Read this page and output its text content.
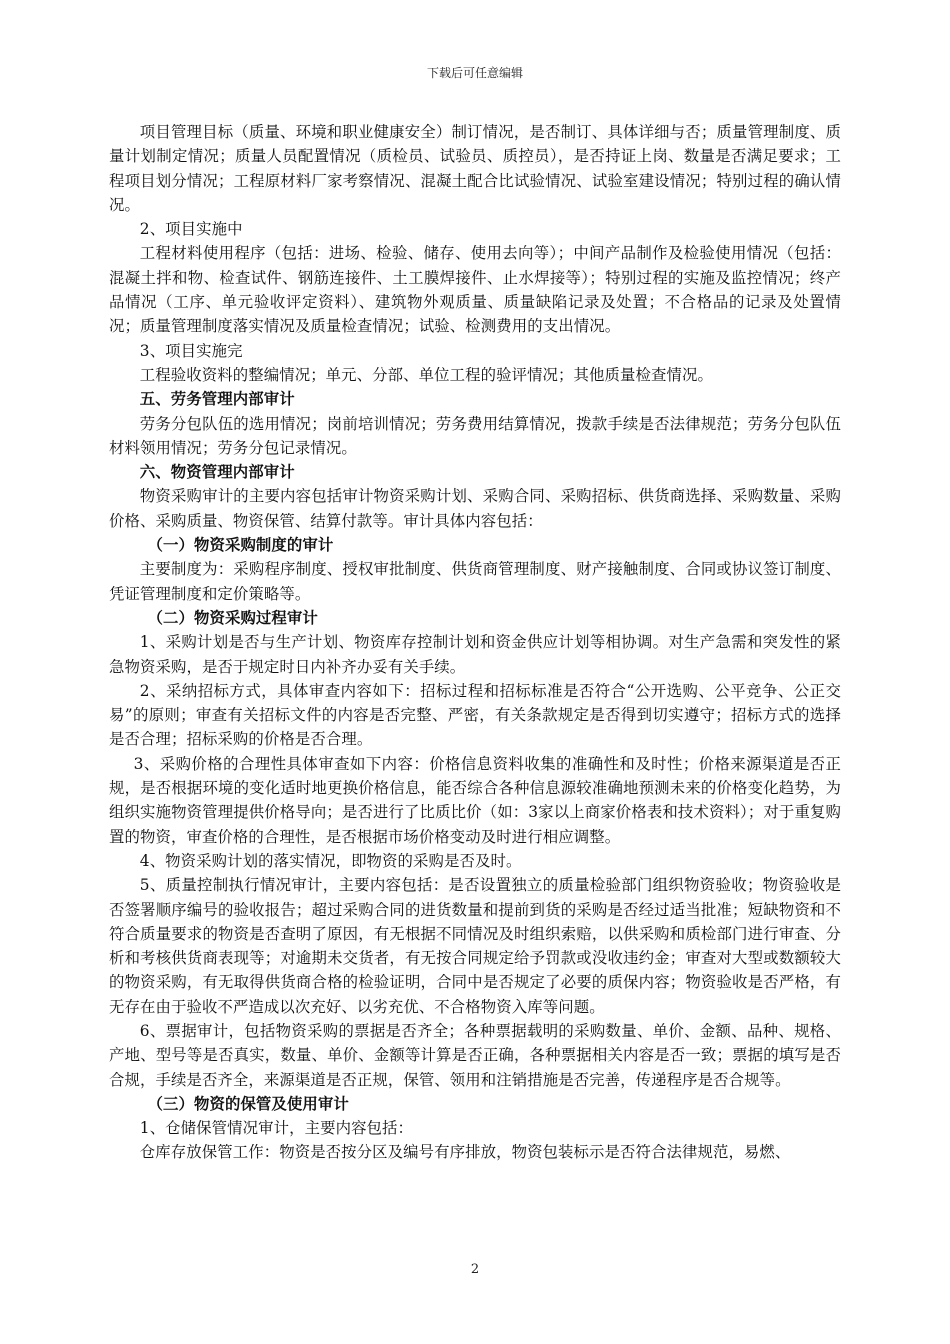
下载后可任意编辑

项目管理目标（质量、环境和职业健康安全）制订情况，是否制订、具体详细与否；质量管理制度、质量计划制定情况；质量人员配置情况（质检员、试验员、质控员），是否持证上岗、数量是否满足要求；工程项目划分情况；工程原材料厂家考察情况、混凝土配合比试验情况、试验室建设情况；特别过程的确认情况。

2、项目实施中

工程材料使用程序（包括：进场、检验、储存、使用去向等）；中间产品制作及检验使用情况（包括：混凝土拌和物、检查试件、钢筋连接件、土工膜焊接件、止水焊接等）；特别过程的实施及监控情况；终产品情况（工序、单元验收评定资料）、建筑物外观质量、质量缺陷记录及处置；不合格品的记录及处置情况；质量管理制度落实情况及质量检查情况；试验、检测费用的支出情况。

3、项目实施完

工程验收资料的整编情况；单元、分部、单位工程的验评情况；其他质量检查情况。

五、劳务管理内部审计

劳务分包队伍的选用情况；岗前培训情况；劳务费用结算情况，拨款手续是否法律规范；劳务分包队伍材料领用情况；劳务分包记录情况。

六、物资管理内部审计

物资采购审计的主要内容包括审计物资采购计划、采购合同、采购招标、供货商选择、采购数量、采购价格、采购质量、物资保管、结算付款等。审计具体内容包括：

（一）物资采购制度的审计

主要制度为：采购程序制度、授权审批制度、供货商管理制度、财产接触制度、合同或协议签订制度、凭证管理制度和定价策略等。

（二）物资采购过程审计

1、采购计划是否与生产计划、物资库存控制计划和资金供应计划等相协调。对生产急需和突发性的紧急物资采购，是否于规定时日内补齐办妥有关手续。

2、采纳招标方式，具体审查内容如下：招标过程和招标标准是否符合“公开选购、公平竞争、公正交易”的原则；审查有关招标文件的内容是否完整、严密，有关条款规定是否得到切实遵守；招标方式的选择是否合理；招标采购的价格是否合理。

3、采购价格的合理性具体审查如下内容：价格信息资料收集的准确性和及时性；价格来源渠道是否正规，是否根据环境的变化适时地更换价格信息，能否综合各种信息源较准确地预测未来的价格变化趋势，为组织实施物资管理提供价格导向；是否进行了比质比价（如：3家以上商家价格表和技术资料）；对于重复购置的物资，审查价格的合理性，是否根据市场价格变动及时进行相应调整。

4、物资采购计划的落实情况，即物资的采购是否及时。

5、质量控制执行情况审计，主要内容包括：是否设置独立的质量检验部门组织物资验收；物资验收是否签署顺序编号的验收报告；超过采购合同的进货数量和提前到货的采购是否经过适当批准；短缺物资和不符合质量要求的物资是否查明了原因，有无根据不同情况及时组织索赔，以供采购和质检部门进行审查、分析和考核供货商表现等；对逾期未交货者，有无按合同规定给予罚款或没收违约金；审查对大型或数额较大的物资采购，有无取得供货商合格的检验证明，合同中是否规定了必要的质保内容；物资验收是否严格，有无存在由于验收不严造成以次充好、以劣充优、不合格物资入库等问题。

6、票据审计，包括物资采购的票据是否齐全；各种票据载明的采购数量、单价、金额、品种、规格、产地、型号等是否真实，数量、单价、金额等计算是否正确，各种票据相关内容是否一致；票据的填写是否合规，手续是否齐全，来源渠道是否正规，保管、领用和注销措施是否完善，传递程序是否合规等。

（三）物资的保管及使用审计

1、仓储保管情况审计，主要内容包括：

仓库存放保管工作：物资是否按分区及编号有序排放，物资包装标示是否符合法律规范，易燃、

2
